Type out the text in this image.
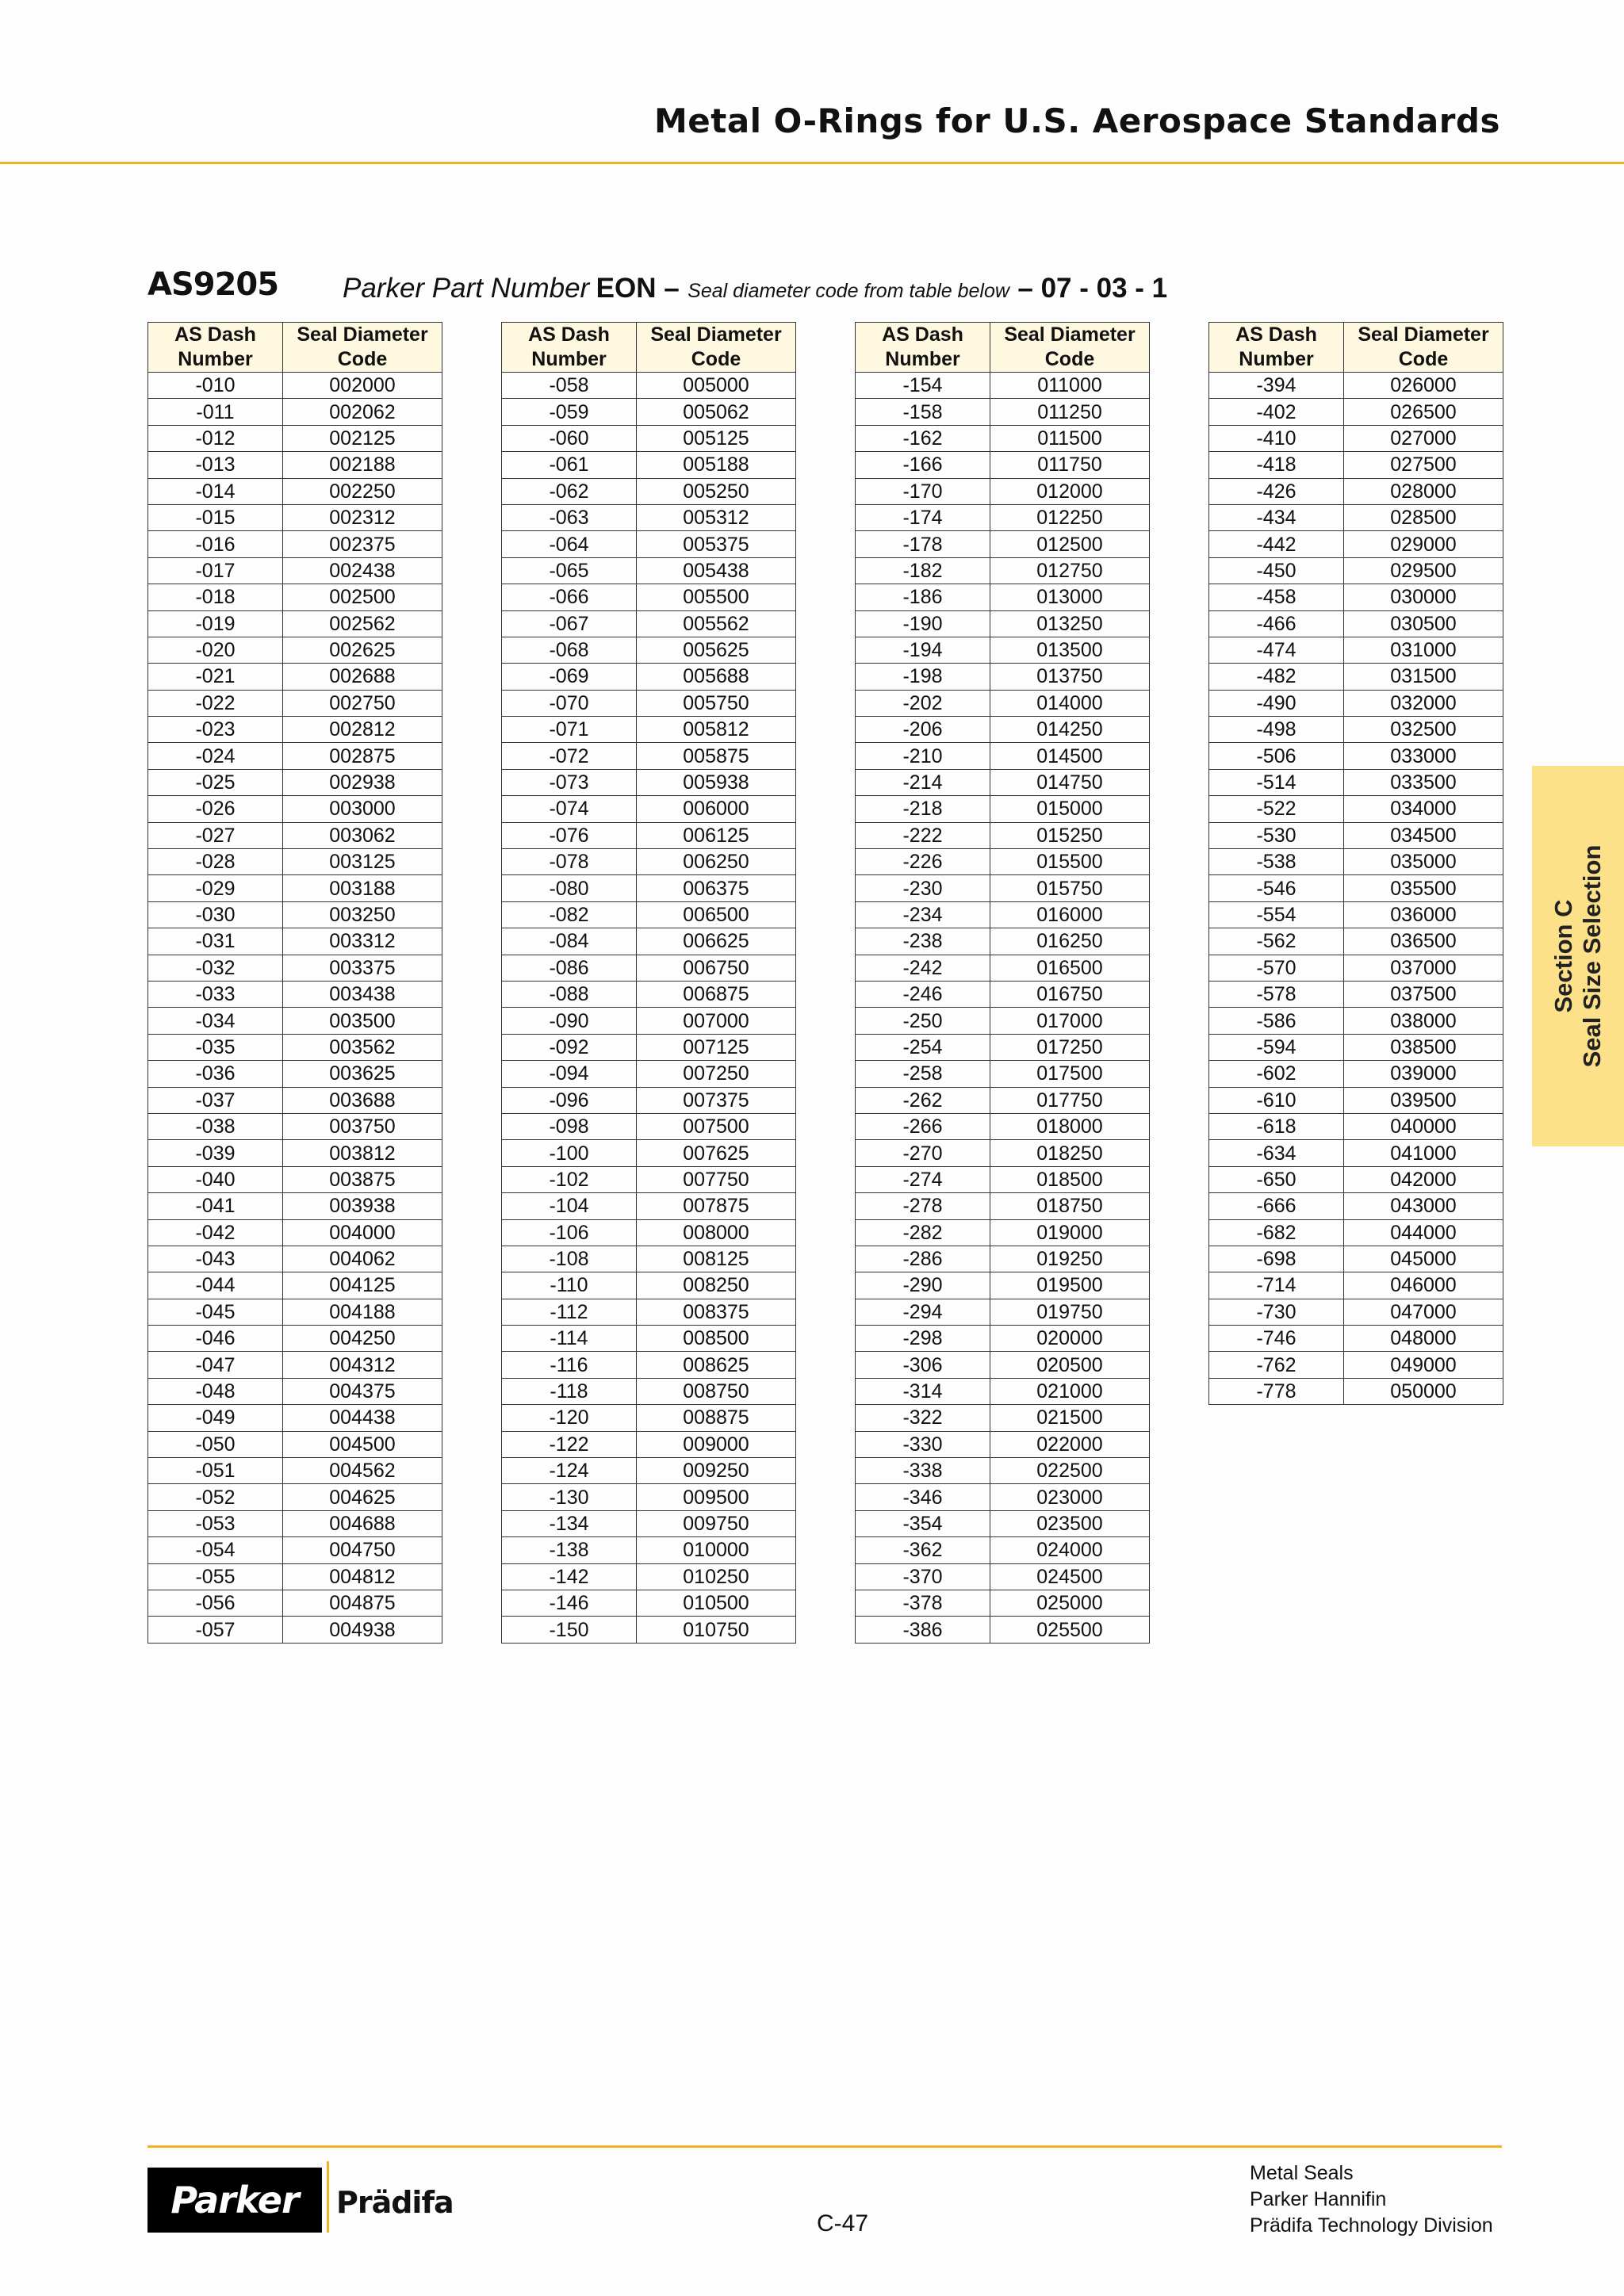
Metal O-Rings for U.S. Aerospace Standards
AS9205 Parker Part Number EON – Seal diameter code from table below – 07 - 03 - 1
AS Dash Number	Seal Diameter Code
-010	002000
-011	002062
-012	002125
-013	002188
-014	002250
-015	002312
-016	002375
-017	002438
-018	002500
-019	002562
-020	002625
-021	002688
-022	002750
-023	002812
-024	002875
-025	002938
-026	003000
-027	003062
-028	003125
-029	003188
-030	003250
-031	003312
-032	003375
-033	003438
-034	003500
-035	003562
-036	003625
-037	003688
-038	003750
-039	003812
-040	003875
-041	003938
-042	004000
-043	004062
-044	004125
-045	004188
-046	004250
-047	004312
-048	004375
-049	004438
-050	004500
-051	004562
-052	004625
-053	004688
-054	004750
-055	004812
-056	004875
-057	004938
AS Dash Number	Seal Diameter Code
-058	005000
-059	005062
-060	005125
-061	005188
-062	005250
-063	005312
-064	005375
-065	005438
-066	005500
-067	005562
-068	005625
-069	005688
-070	005750
-071	005812
-072	005875
-073	005938
-074	006000
-076	006125
-078	006250
-080	006375
-082	006500
-084	006625
-086	006750
-088	006875
-090	007000
-092	007125
-094	007250
-096	007375
-098	007500
-100	007625
-102	007750
-104	007875
-106	008000
-108	008125
-110	008250
-112	008375
-114	008500
-116	008625
-118	008750
-120	008875
-122	009000
-124	009250
-130	009500
-134	009750
-138	010000
-142	010250
-146	010500
-150	010750
AS Dash Number	Seal Diameter Code
-154	011000
-158	011250
-162	011500
-166	011750
-170	012000
-174	012250
-178	012500
-182	012750
-186	013000
-190	013250
-194	013500
-198	013750
-202	014000
-206	014250
-210	014500
-214	014750
-218	015000
-222	015250
-226	015500
-230	015750
-234	016000
-238	016250
-242	016500
-246	016750
-250	017000
-254	017250
-258	017500
-262	017750
-266	018000
-270	018250
-274	018500
-278	018750
-282	019000
-286	019250
-290	019500
-294	019750
-298	020000
-306	020500
-314	021000
-322	021500
-330	022000
-338	022500
-346	023000
-354	023500
-362	024000
-370	024500
-378	025000
-386	025500
AS Dash Number	Seal Diameter Code
-394	026000
-402	026500
-410	027000
-418	027500
-426	028000
-434	028500
-442	029000
-450	029500
-458	030000
-466	030500
-474	031000
-482	031500
-490	032000
-498	032500
-506	033000
-514	033500
-522	034000
-530	034500
-538	035000
-546	035500
-554	036000
-562	036500
-570	037000
-578	037500
-586	038000
-594	038500
-602	039000
-610	039500
-618	040000
-634	041000
-650	042000
-666	043000
-682	044000
-698	045000
-714	046000
-730	047000
-746	048000
-762	049000
-778	050000
Section C Seal Size Selection
Parker Prädifa
C-47
Metal Seals
Parker Hannifin
Prädifa Technology Division
